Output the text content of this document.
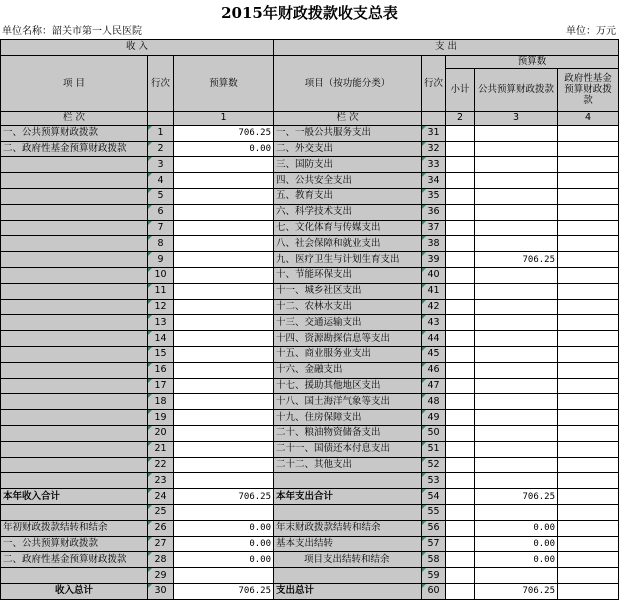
2015年财政拨款收支总表
单位名称：韶关市第一人民医院	单位：万元
收 入			支 出				
项 目	行次	预算数	项目（按功能分类）	行次	预算数		
					小计	公共预算财政拨款	政府性基金预算财政拨款
栏 次		1	栏 次		2	3	4
一、公共预算财政拨款	1	706.25	一、一般公共服务支出	31			
二、政府性基金预算财政拨款	2	0.00	二、外交支出	32			
	3		三、国防支出	33			
	4		四、公共安全支出	34			
	5		五、教育支出	35			
	6		六、科学技术支出	36			
	7		七、文化体育与传媒支出	37			
	8		八、社会保障和就业支出	38			
	9		九、医疗卫生与计划生育支出	39		706.25	
	10		十、节能环保支出	40			
	11		十一、城乡社区支出	41			
	12		十二、农林水支出	42			
	13		十三、交通运输支出	43			
	14		十四、资源勘探信息等支出	44			
	15		十五、商业服务业支出	45			
	16		十六、金融支出	46			
	17		十七、援助其他地区支出	47			
	18		十八、国土海洋气象等支出	48			
	19		十九、住房保障支出	49			
	20		二十、粮油物资储备支出	50			
	21		二十一、国债还本付息支出	51			
	22		二十二、其他支出	52			
	23			53			
本年收入合计	24	706.25	本年支出合计	54		706.25	
	25			55			
年初财政拨款结转和结余	26	0.00	年末财政拨款结转和结余	56		0.00	
一、公共预算财政拨款	27	0.00	基本支出结转	57		0.00	
二、政府性基金预算财政拨款	28	0.00	项目支出结转和结余	58		0.00	
	29			59			
收入总计	30	706.25	支出总计	60		706.25	
